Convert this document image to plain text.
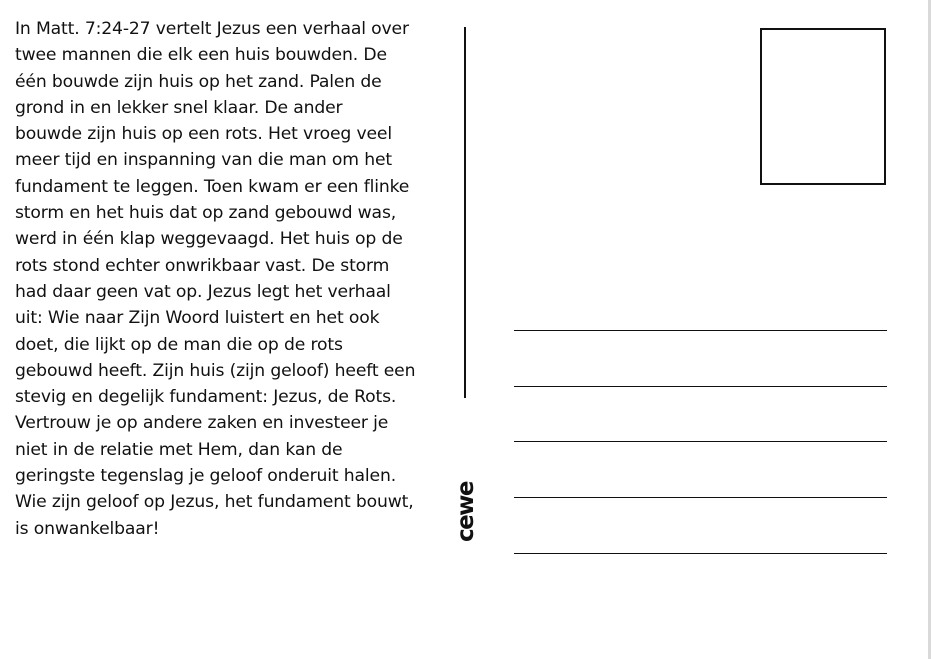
In Matt. 7:24-27 vertelt Jezus een verhaal over
twee mannen die elk een huis bouwden. De
één bouwde zijn huis op het zand. Palen de
grond in en lekker snel klaar. De ander
bouwde zijn huis op een rots. Het vroeg veel
meer tijd en inspanning van die man om het
fundament te leggen. Toen kwam er een flinke
storm en het huis dat op zand gebouwd was,
werd in één klap weggevaagd. Het huis op de
rots stond echter onwrikbaar vast. De storm
had daar geen vat op. Jezus legt het verhaal
uit: Wie naar Zijn Woord luistert en het ook
doet, die lijkt op de man die op de rots
gebouwd heeft. Zijn huis (zijn geloof) heeft een
stevig en degelijk fundament: Jezus, de Rots.
Vertrouw je op andere zaken en investeer je
niet in de relatie met Hem, dan kan de
geringste tegenslag je geloof onderuit halen.
Wie zijn geloof op Jezus, het fundament bouwt,
is onwankelbaar!	cewe
